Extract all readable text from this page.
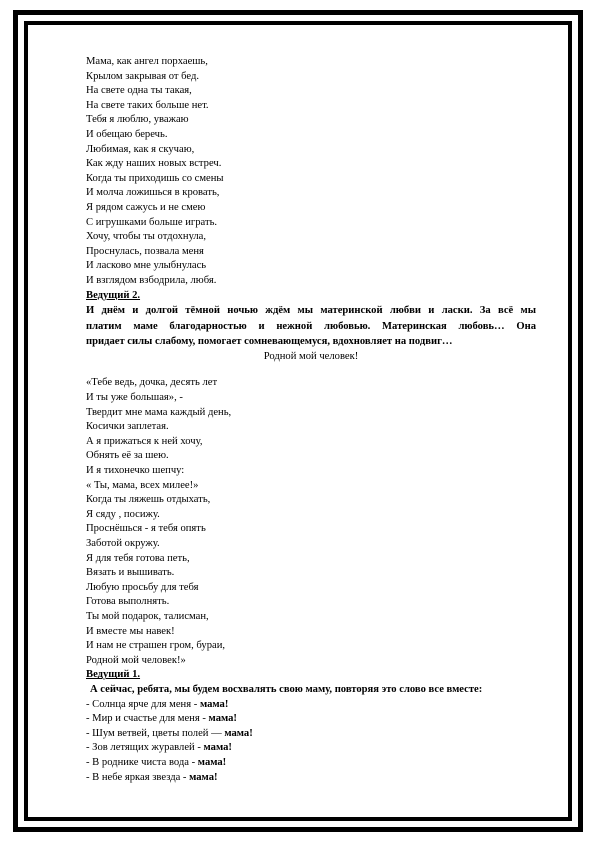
Мама, как ангел порхаешь,
Крылом закрывая от бед.
На свете одна ты такая,
На свете таких больше нет.
Тебя я люблю, уважаю
И обещаю беречь.
Любимая, как я скучаю,
Как жду наших новых встреч.
Когда ты приходишь со смены
И молча ложишься в кровать,
Я рядом сажусь и не смею
С игрушками больше играть.
Хочу, чтобы ты отдохнула,
Проснулась, позвала меня
И ласково мне улыбнулась
И взглядом взбодрила, любя.
Ведущий 2.
И днём и долгой тёмной ночью ждём мы материнской любви и ласки. За всё мы
платим маме благодарностью и нежной любовью. Материнская любовь… Она
придает силы слабому, помогает сомневающемуся, вдохновляет на подвиг…
Родной мой человек!
«Тебе ведь, дочка, десять лет
И ты уже большая», -
Твердит мне мама каждый день,
Косички заплетая.
А я прижаться к ней хочу,
Обнять её за шею.
И я тихонечко шепчу:
« Ты, мама, всех милее!»
Когда ты ляжешь отдыхать,
Я сяду , посижу.
Проснёшься - я тебя опять
Заботой окружу.
Я для тебя готова петь,
Вязать и вышивать.
Любую просьбу для тебя
Готова выполнять.
Ты мой подарок, талисман,
И вместе мы навек!
И нам не страшен гром, бураи,
Родной мой человек!»
Ведущий 1.
А сейчас, ребята, мы будем восхвалять свою маму, повторяя это слово все вместе:
- Солнца ярче для меня - мама!
- Мир и счастье для меня - мама!
- Шум ветвей, цветы полей — мама!
- Зов летящих журавлей - мама!
- В роднике чиста вода - мама!
- В небе яркая звезда - мама!
